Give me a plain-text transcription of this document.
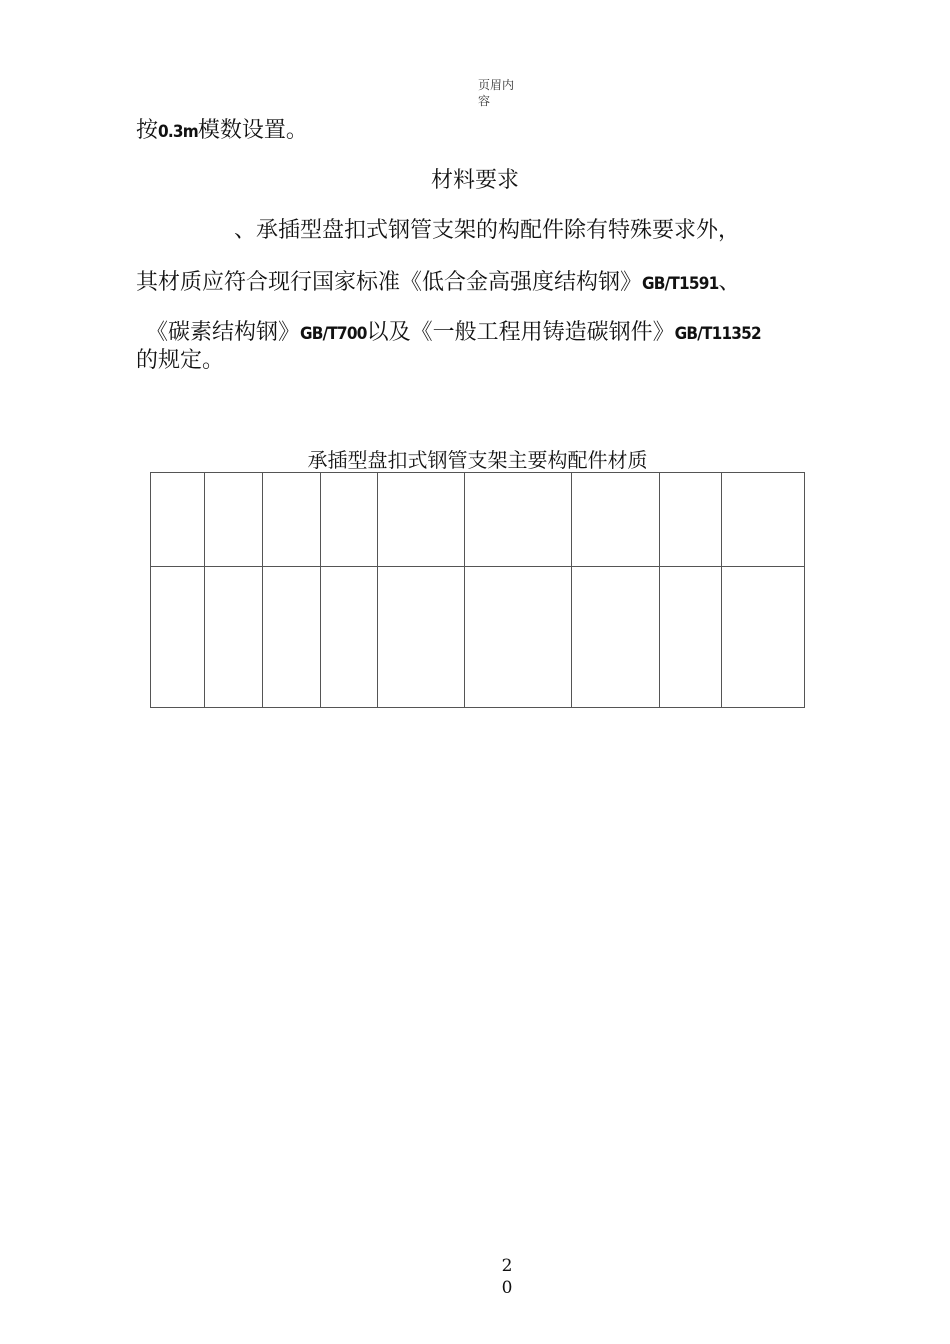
页眉内
容
按0.3m模数设置。
材料要求
、承插型盘扣式钢管支架的构配件除有特殊要求外，
其材质应符合现行国家标准《低合金高强度结构钢》GB/T1591、
《碳素结构钢》GB/T700以及《一般工程用铸造碳钢件》GB/T11352
的规定。
承插型盘扣式钢管支架主要构配件材质

2
0
